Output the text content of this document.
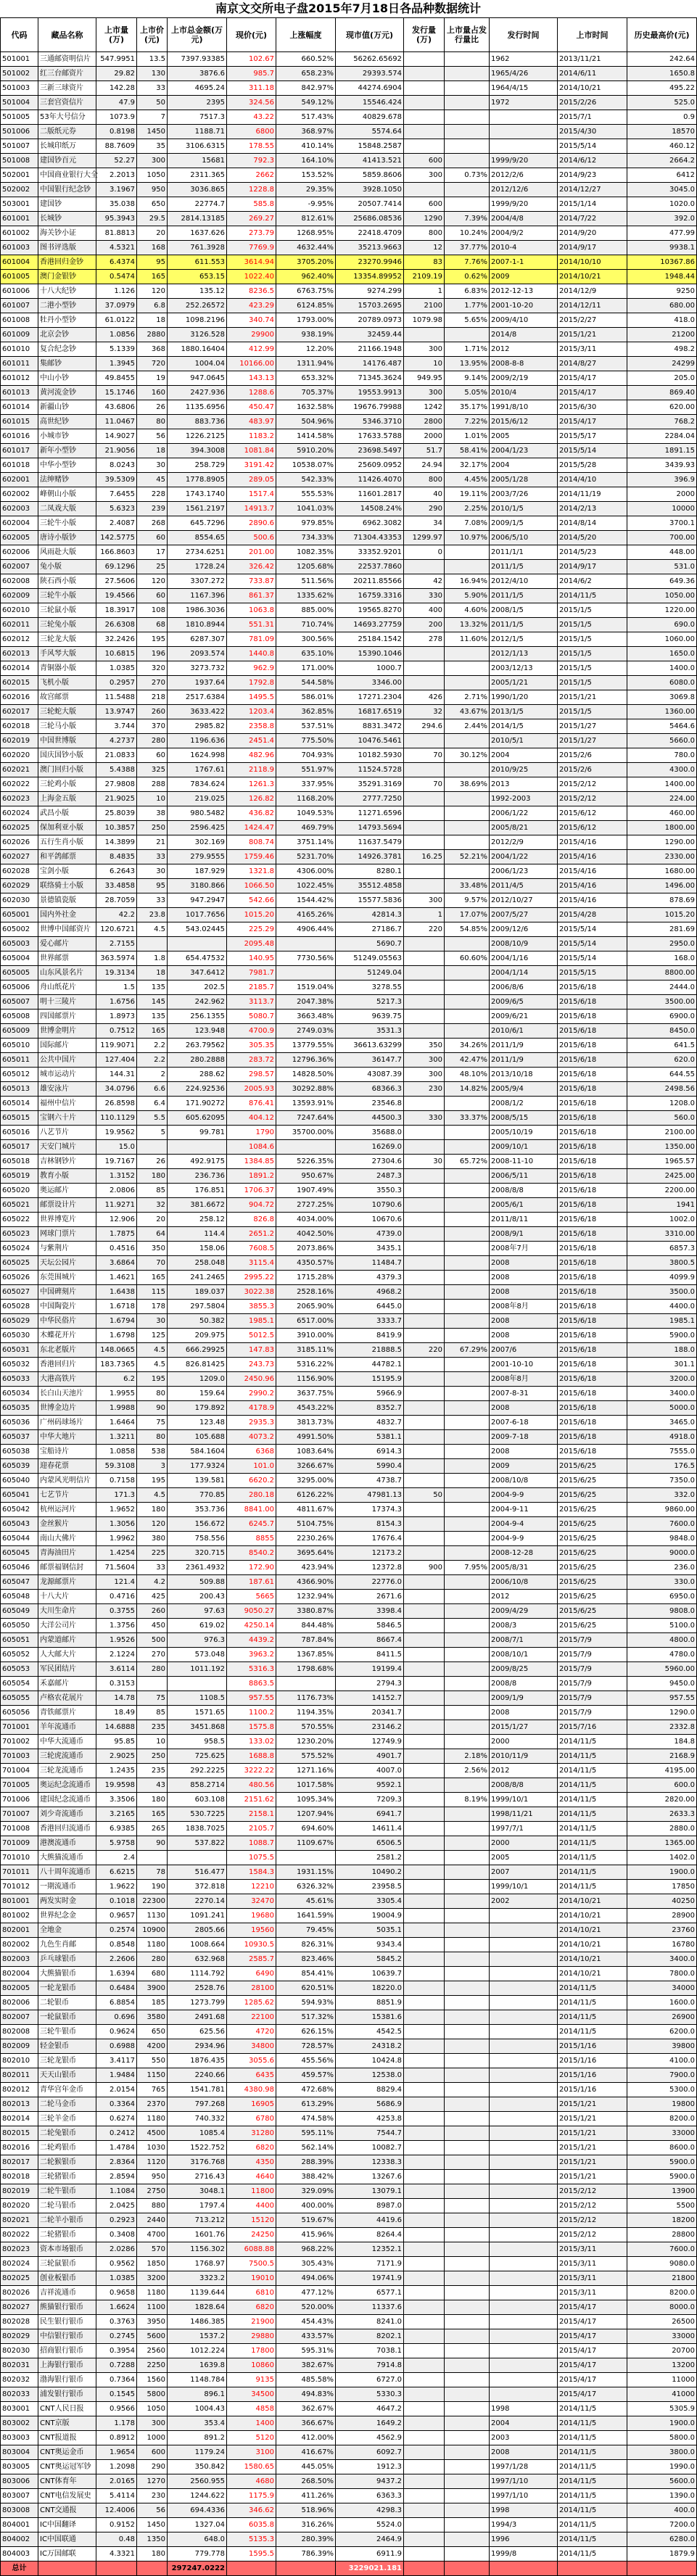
南京文交所电子盘2015年7月18日各品种数据统计
代码	藏品名称	上市量(万)	上市价(元)	上市总金额(万元)	现价(元)	上涨幅度	现市值(万元)	发行量(万)	上市量占发行量比	发行时间	上市时间	历史最高价(元)
501001	三通邮资明信片	547.9951	13.5	7397.93385	102.67	660.52%	56262.65692			1962	2013/11/21	242.64
501002	红三台邮资片	29.82	130	3876.6	985.7	658.23%	29393.574			1965/4/26	2014/6/11	1650.8
501003	三新三球资片	142.28	33	4695.24	311.18	842.97%	44274.6904			1964/4/15	2014/10/21	495.22
501004	三套宫资信片	47.9	50	2395	324.56	549.12%	15546.424			1972	2015/2/26	525.0
501005	53年大号信分	1073.9	7	7517.3	43.22	517.43%	40829.678				2015/7/1	0.9
501006	二版纸元券	0.8198	1450	1188.71	6800	368.97%	5574.64				2015/4/30	18570
501007	长城印纸万	88.7609	35	3106.6315	178.55	410.14%	15848.2587				2015/5/14	460.12
501008	建国钞百元	52.27	300	15681	792.3	164.10%	41413.521	600		1999/9/20	2014/6/12	2664.2
502001	中国商业银行大全	2.2013	1050	2311.365	2662	153.52%	5859.8606	300	0.73%	2012/2/6	2014/9/23	6412
502002	中国银行纪念钞	3.1967	950	3036.865	1228.8	29.35%	3928.1050			2012/12/6	2014/12/27	3045.0
503001	建国钞	35.038	650	22774.7	585.8	-9.95%	20507.7414	600		1999/9/20	2015/1/14	1020.0
601001	长城钞	95.3943	29.5	2814.13185	269.27	812.61%	25686.08536	1290	7.39%	2004/4/8	2014/7/22	392.0
601002	海关钞小证	81.8813	20	1637.626	273.79	1268.95%	22418.4709	800	10.24%	2004/9/2	2014/9/20	477.99
601003	图书评选版	4.5321	168	761.3928	7769.9	4632.44%	35213.9663	12	37.77%	2010-4	2014/9/17	9938.1
601004	香港回归金钞	6.4374	95	611.553	3614.94	3705.20%	23270.9946	83	7.76%	2007-1-1	2014/10/10	10367.86
601005	澳门金银钞	0.5474	165	653.15	1022.40	962.40%	13354.89952	2109.19	0.62%	2009	2014/10/21	1948.44
601006	十八大纪钞	1.126	120	135.12	8236.5	6763.75%	9274.299	1	6.83%	2012-12-13	2014/12/9	9250
601007	二港小型钞	37.0979	6.8	252.26572	423.29	6124.85%	15703.2695	2100	1.77%	2001-10-20	2014/12/11	680.00
601008	牡丹小型钞	61.0122	18	1098.2196	340.74	1793.00%	20789.0973	1079.98	5.65%	2009/4/10	2015/2/27	418.0
601009	北京会钞	1.0856	2880	3126.528	29900	938.19%	32459.44			2014/8	2015/1/21	21200
601010	复合纪念钞	5.1339	368	1880.16404	412.99	12.20%	21166.1948	300	1.71%	2012	2015/3/11	498.2
601011	集邮钞	1.3945	720	1004.04	10166.00	1311.94%	14176.487	10	13.95%	2008-8-8	2014/8/27	24299
601012	中山小钞	49.8455	19	947.0645	143.13	653.32%	71345.3624	949.95	9.14%	2009/2/19	2015/4/17	205.0
601013	黄河流金钞	15.1746	160	2427.936	1288.6	705.37%	19553.9913	300	5.05%	2010/4	2015/4/17	869.40
601014	新疆山钞	43.6806	26	1135.6956	450.47	1632.58%	19676.79988	1242	35.17%	1991/8/10	2015/6/30	620.00
601015	高世纪钞	11.0467	80	883.736	483.97	504.96%	5346.3710	2800	7.22%	2015/6/12	2015/4/17	768.2
601016	小城市钞	14.9027	56	1226.2125	1183.2	1414.58%	17633.5788	2000	1.01%	2005	2015/5/17	2284.04
601017	新年小型钞	21.9056	18	394.3008	1081.84	5910.20%	23698.5497	51.7	58.41%	2004/1/23	2015/5/14	1891.15
601018	中华小型钞	8.0243	30	258.729	3191.42	10538.07%	25609.0952	24.94	32.17%	2004	2015/5/28	3439.93
602001	法绅赌钞	39.5309	45	1778.8905	289.05	542.33%	11426.4070	800	4.45%	2005/1/28	2014/4/10	396.9
602002	峰朝山小版	7.6455	228	1743.1740	1517.4	555.53%	11601.2817	40	19.11%	2003/7/26	2014/11/19	2000
602003	二凤戏大版	5.6323	239	1561.2197	14913.7	1041.03%	14508.24%	290	2.25%	2010/1/5	2014/2/13	10000
602004	三轮牛小版	2.4087	268	645.7296	2890.6	979.85%	6962.3082	34	7.08%	2009/1/5	2014/8/14	3700.1
602005	唐诗小版钞	142.5775	60	8554.65	500.6	734.33%	71304.43353	1299.97	10.97%	2006/5/10	2014/5/20	700.00
602006	风雨赴大版	166.8603	17	2734.6251	201.00	1082.35%	33352.9201	0		2011/1/1	2014/5/23	448.00
602007	兔小版	69.1296	25	1728.24	326.42	1205.68%	22537.7860			2011/1/5	2014/9/17	531.0
602008	陕石西小版	27.5606	120	3307.272	733.87	511.56%	20211.85566	42	16.94%	2012/4/10	2014/6/2	649.36
602009	三轮牛小版	19.4566	60	1167.396	861.37	1335.62%	16759.3316	330	5.90%	2011/1/5	2014/11/5	1050.00
602010	三轮鼠小版	18.3917	108	1986.3036	1063.8	885.00%	19565.8270	400	4.60%	2008/1/5	2015/1/5	1220.00
602011	三轮兔小版	26.6308	68	1810.8944	551.31	710.74%	14693.27759	200	13.32%	2011/1/5	2015/1/5	690.0
602012	三轮龙大版	32.2426	195	6287.307	781.09	300.56%	25184.1542	278	11.60%	2012/1/5	2015/1/5	1060.00
602013	手风琴大版	10.6815	196	2093.574	1440.8	635.10%	15390.1046			2012/1/13	2015/1/5	1650.0
602014	青铜器小版	1.0385	320	3273.732	962.9	171.00%	1000.7			2003/12/13	2015/1/5	1400.0
602015	飞机小版	0.2957	270	1937.64	1792.8	544.58%	3346.00			2005/1/21	2015/1/5	6080.0
602016	故宫邮票	11.5488	218	2517.6384	1495.5	586.01%	17271.2304	426	2.71%	1990/1/20	2015/1/21	3069.8
602017	三轮蛇大版	13.9747	260	3633.422	1203.4	362.85%	16817.6519	32	43.67%	2013/1/5	2015/1/5	1360.00
602018	三轮马小版	3.744	370	2985.82	2358.8	537.51%	8831.3472	294.6	2.44%	2014/1/5	2015/1/27	5464.6
602019	中国世博版	4.2737	280	1196.636	2451.4	775.50%	10476.5461			2010/5/1	2015/1/27	5660.0
602020	国庆国钞小版	21.0833	60	1624.998	482.96	704.93%	10182.5930	70	30.12%	2004	2015/2/6	780.0
602021	澳门回归小版	5.4388	325	1767.61	2118.9	551.97%	11524.5728			2010/9/25	2015/2/6	4300.0
602022	三轮鸡小版	27.9808	288	7834.624	1261.3	337.95%	35291.3169	70	38.69%	2013	2015/2/12	1400.00
602023	上海金五版	21.9025	10	219.025	126.82	1168.20%	2777.7250			1992-2003	2015/2/12	224.00
602024	武昌小版	25.8039	38	980.5482	436.82	1049.53%	11271.6596			2006/1/22	2015/6/12	460.00
602025	保加利亚小版	10.3857	250	2596.425	1424.47	469.79%	14793.5694			2005/8/21	2015/6/12	1800.00
602026	五行生肖小版	14.3899	21	302.169	808.74	3751.14%	11637.5479			2012/2/9	2015/4/16	1290.00
602027	和平鸽邮票	8.4835	33	279.9555	1759.46	5231.70%	14926.3781	16.25	52.21%	2004/1/22	2015/4/16	2330.00
602028	宝剑小版	6.2643	30	187.929	1321.8	4306.00%	8280.1			2006/1/23	2015/4/16	1680.00
602029	联络骑士小版	33.4858	95	3180.866	1066.50	1022.45%	35512.4858		33.48%	2011/4/5	2015/4/16	1496.00
602030	景德镇瓷版	28.7059	33	947.2947	542.66	1544.42%	15577.5836	300	9.57%	2012/10/27	2015/4/16	878.69
605001	国内外社金	42.2	23.8	1017.7656	1015.20	4165.26%	42814.3	1	17.07%	2007/5/27	2015/4/28	1015.20
605002	世博中国邮资片	120.6721	4.5	543.02445	225.29	4906.44%	27186.7	220	54.85%	2009/12/6	2015/5/14	281.69
605003	爱心邮片	2.7155			2095.48		5690.7			2008/10/9	2015/5/14	2950.0
605004	世界邮票	363.5974	1.8	654.47532	140.95	7730.56%	51249.05563		60.60%	2004/1/16	2015/5/14	168.0
605005	山东风景名片	19.3134	18	347.6412	7981.7		51249.04			2004/1/14	2015/5/15	8800.00
605006	舟山纸花片	1.5	135	202.5	2185.7	1519.04%	3278.55			2006/8/6	2015/6/18	2444.0
605007	明十三陵片	1.6756	145	242.962	3113.7	2047.38%	5217.3			2009/6/5	2015/6/18	3500.00
605008	四国邮票片	1.8973	135	256.1355	5080.7	3663.48%	9639.75			2009/6/21	2015/6/18	6900.0
605009	世博金明片	0.7512	165	123.948	4700.9	2749.03%	3531.3			2010/6/1	2015/6/18	8450.0
605010	国际邮片	119.9071	2.2	263.79562	305.35	13779.55%	36613.63299	350	34.26%	2011/1/9	2015/6/18	641.5
605011	公共中国片	127.404	2.2	280.2888	283.72	12796.36%	36147.7	300	42.47%	2011/1/9	2015/6/18	620.0
605012	城市运动片	144.31	2	288.62	298.57	14828.50%	43087.39	300	48.10%	2013/10/18	2015/6/18	644.55
605013	雄安泳片	34.0796	6.6	224.92536	2005.93	30292.88%	68366.3	230	14.82%	2005/9/4	2015/6/18	2498.56
605014	福州中信片	26.8598	6.4	171.90272	876.41	13593.91%	23546.8			2008/1/2	2015/6/18	1208.0
605015	宝钢六十片	110.1129	5.5	605.62095	404.12	7247.64%	44500.3	330	33.37%	2008/5/15	2015/6/18	560.0
605016	八艺节片	19.9562	5	99.781	1790	35700.00%	35688.0			2005/10/19	2015/6/18	2100.00
605017	天安门城片	15.0			1084.6		16269.0			2009/10/1	2015/6/18	1350.00
605018	吉林钢钞片	19.7167	26	492.9175	1384.85	5226.35%	27304.6	30	65.72%	2008-11-10	2015/6/18	1965.57
605019	教育小版	1.3152	180	236.736	1891.2	950.67%	2487.3			2006/5/11	2015/6/18	2425.00
605020	奥运邮片	2.0806	85	176.851	1706.37	1907.49%	3550.3			2008/8/8	2015/6/18	2200.00
605021	邮票设计片	11.9271	32	381.6672	904.72	2727.25%	10790.6			2005/6/1	2015/6/18	1941
605022	世界博览片	12.906	20	258.12	826.8	4034.00%	10670.6			2011/8/11	2015/6/18	1002.0
605023	网球门票片	1.7875	64	114.4	2651.2	4042.50%	4739.0			2008/9/1	2015/6/18	3310.00
605024	与紫荆片	0.4516	350	158.06	7608.5	2073.86%	3435.1			2008年7月	2015/6/18	6857.3
605025	天坛公园片	3.6864	70	258.048	3115.4	4350.57%	11484.7			2008	2015/6/18	3800.5
605026	东莞围城片	1.4621	165	241.2465	2995.22	1715.28%	4379.3			2008	2015/6/18	4099.9
605027	中国碑刻片	1.6438	115	189.037	3022.38	2528.16%	4968.2			2008	2015/6/18	3500.0
605028	中国陶瓷片	1.6718	178	297.5804	3855.3	2065.90%	6445.0			2008年8月	2015/6/18	4400.0
605029	中华民俗片	1.6794	30	50.382	1985.1	6517.00%	3333.7			2008	2015/6/18	1985.1
605030	木蝶花开片	1.6798	125	209.975	5012.5	3910.00%	8419.9			2008	2015/6/18	5900.0
605031	东北老版片	148.0665	4.5	666.29925	147.83	3185.11%	21888.5	220	67.29%	2007/6	2015/6/18	188.0
605032	香港回归片	183.7365	4.5	826.81425	243.73	5316.22%	44782.1			2001-10-10	2015/6/18	301.1
605033	大港高铁片	6.2	195	1209.0	2450.96	1156.90%	15195.9			2008年8月	2015/6/18	3200.0
605034	长白山天池片	1.9955	80	159.64	2990.2	3637.75%	5966.9			2007-8-31	2015/6/18	3400.0
605035	世博金边片	1.9988	90	179.892	4178.9	4543.22%	8352.7			2008	2015/6/18	5000.0
605036	广州码球场片	1.6464	75	123.48	2935.3	3813.73%	4832.7			2007-6-18	2015/6/18	3465.0
605037	中华大地片	1.3211	80	105.688	4073.2	4991.50%	5381.1			2009-7-18	2015/6/18	4918.0
605038	宝船诗片	1.0858	538	584.1604	6368	1083.64%	6914.3			2008	2015/6/18	7555.0
605039	迎春花票	59.3108	3	177.9324	101.0	3266.67%	5990.4			2009	2015/6/25	176.5
605040	内蒙风光明信片	0.7158	195	139.581	6620.2	3295.00%	4738.7			2008/10/8	2015/6/25	7350.0
605041	七艺节片	171.3	4.5	770.85	280.18	6126.22%	47981.13	50		2004-9-9	2015/6/25	332.0
605042	杭州运河片	1.9652	180	353.736	8841.00	4811.67%	17374.3			2004-9-11	2015/6/25	9860.00
605043	金丝猴片	1.3056	120	156.672	6245.7	5104.75%	8154.3			2004-9-4	2015/6/25	7600.0
605044	南山大佛片	1.9962	380	758.556	8855	2230.26%	17676.4			2004-9-9	2015/6/25	9848.0
605045	青海油田片	1.4254	225	320.715	8540.2	3695.64%	12173.2			2008-12-28	2015/6/25	9000.0
605046	邮票福钢信封	71.5604	33	2361.4932	172.90	423.94%	12372.8	900	7.95%	2005/8/31	2015/6/25	236.0
605047	龙源邮票片	121.4	4.2	509.88	187.61	4366.90%	22776.0			2006/10/8	2015/6/25	330.0
605048	十八大片	0.4716	425	200.43	5665	1232.94%	2671.6			2012	2015/6/25	6950.0
605049	大川生命片	0.3755	260	97.63	9050.27	3380.87%	3398.4			2009/4/29	2015/6/25	9808.0
605050	大洋公司片	1.3756	450	619.02	4250.14	844.48%	5846.5			2008/3	2015/6/25	5100.0
605051	内蒙道邮片	1.9526	500	976.3	4439.2	787.84%	8667.4			2008/7/1	2015/7/9	4800.0
605052	人大邮大片	2.1224	270	573.048	3963.2	1367.85%	8411.5			2008/10/1	2015/7/9	4780.0
605053	军民团结片	3.6114	280	1011.192	5316.3	1798.68%	19199.4			2009/8/25	2015/7/9	5960.00
605054	禾嘉邮片	0.3153			8863.5		2794.3			2008/8	2015/7/9	9450.0
605055	卢格农花展片	14.78	75	1108.5	957.55	1176.73%	14152.7			2009/1/9	2015/7/9	957.55
605056	青铁邮票片	18.49	85	1571.65	1100.2	1194.35%	20341.7			2008	2015/7/9	1290.0
701001	羊年流通币	14.6888	235	3451.868	1575.8	570.55%	23146.2			2015/1/27	2015/7/16	2332.8
701002	中华大流通币	95.85	10	958.5	133.02	1230.20%	12749.9			2000	2014/11/5	184.8
701003	三轮虎流通币	2.9025	250	725.625	1688.8	575.52%	4901.7		2.18%	2010/11/9	2014/11/5	2168.9
701004	三轮龙流通币	1.2435	235	292.2225	3222.22	1271.16%	4007.0		2.56%	2012	2014/11/5	4195.00
701005	奥运纪念流通币	19.9598	43	858.2714	480.56	1017.58%	9592.1			2008/8/8	2014/11/5	600.0
701006	建国纪念流通币	3.3506	180	603.108	2151.62	1095.34%	7209.3		8.19%	1999/10/1	2014/11/5	2820.00
701007	刘少奇流通币	3.2165	165	530.7225	2158.1	1207.94%	6941.7			1998/11/21	2014/11/5	2633.3
701008	香港回归流通币	6.9385	265	1838.7025	2105.7	694.60%	14611.4			1997/7/1	2014/11/5	2880.0
701009	港澳流通币	5.9758	90	537.822	1088.7	1109.67%	6506.5			2000	2014/11/5	1365.00
701010	大熊猫流通币	2.4			1075.5		2581.2			2005	2014/11/5	1402.0
701011	八十周年流通币	6.6215	78	516.477	1584.3	1931.15%	10490.2			2007	2014/11/5	1900.0
701012	一期流通币	1.9622	190	372.818	12210	6326.32%	23958.5			1999/10/1	2014/11/5	17850
801001	两发实时金	0.1018	22300	2270.14	32470	45.61%	3305.4			2002	2014/10/21	40250
801002	世界纪念金	0.9657	1130	1091.241	19680	1641.59%	19004.9				2014/10/21	28900
802001	全地金	0.2574	10900	2805.66	19560	79.45%	5035.1				2014/10/21	23760
802002	九色生肖邮	0.8548	1180	1008.664	10930.5	826.31%	9343.4				2014/10/21	16780
802003	乒乓球银币	2.2606	280	632.968	2585.7	823.46%	5845.2				2014/10/21	3400.0
802004	大熊猫银币	1.6394	680	1114.792	6490	854.41%	10639.7				2014/10/21	7800.0
802005	一轮龙银币	0.6484	3900	2528.76	28100	620.51%	18220.0				2014/11/5	34000
802006	二轮银币	6.8854	185	1273.799	1285.62	594.93%	8851.9				2014/11/5	1600.0
802007	一轮鼠银币	0.696	3580	2491.68	22100	517.32%	15381.6				2014/11/5	26900
802008	三轮牛银币	0.9624	650	625.56	4720	626.15%	4542.5				2014/11/5	6200.0
802009	轻金银币	0.6988	4200	2934.96	34800	728.57%	24318.2				2015/1/16	39800
802010	三轮龙银币	3.4117	550	1876.435	3055.6	455.56%	10424.8				2015/1/16	4100.0
802011	天天山银币	1.9484	1150	2240.66	6435	459.57%	12538.0				2015/1/16	7900.0
802012	青华宫年金币	2.0154	765	1541.781	4380.98	472.68%	8829.4				2015/1/16	5300.0
802013	二轮马金币	0.3364	2370	797.268	16905	613.29%	5686.9				2015/1/21	19800
802014	三轮羊金币	0.6274	1180	740.332	6780	474.58%	4253.8				2015/1/21	8200.0
802015	二轮兔银币	0.2412	4500	1085.4	31280	595.11%	7544.7				2015/1/21	33000
802016	二轮鸡银币	1.4784	1030	1522.752	6820	562.14%	10082.7				2015/1/21	8600.0
802017	二轮猴银币	2.8364	1120	3176.768	4350	288.39%	12338.3				2015/1/21	5900.0
802018	三轮猪银币	2.8594	950	2716.43	4640	388.42%	13267.6				2015/1/21	5900.0
802019	二轮牛银币	1.1084	2750	3048.1	11800	329.09%	13079.1				2015/2/12	13900
802020	二轮马银币	2.0425	880	1797.4	4400	400.00%	8987.0				2015/2/12	5500
802021	二轮羊小银币	0.2923	2440	713.212	15120	519.67%	4419.6				2015/2/12	18200
802022	二轮猪银币	0.3408	4700	1601.76	24250	415.96%	8264.4				2015/2/12	28800
802023	资本市场银币	2.0286	570	1156.302	6088.88	968.22%	12352.1				2015/3/11	7600.0
802024	三轮鼠银币	0.9562	1850	1768.97	7500.5	305.43%	7171.9				2015/3/11	9080.0
802025	创业板银币	1.0385	3200	3323.2	19010	494.06%	19741.9				2015/3/11	21800
802026	吉祥流通币	0.9658	1180	1139.644	6810	477.12%	6577.1				2015/3/11	8200.0
802027	熊猫银行银币	1.6624	1100	1828.64	6820	520.00%	11337.6				2015/4/17	8000.0
802028	民生银行银币	0.3763	3950	1486.385	21900	454.43%	8241.0				2015/4/17	26500
802029	中信银行银币	0.2745	5600	1537.2	29880	433.57%	8202.1				2015/4/17	33000
802030	招商银行银币	0.3954	2560	1012.224	17800	595.31%	7038.1				2015/4/17	20700
802031	上海银行银币	0.7288	2250	1639.8	10860	382.67%	7914.8				2015/4/17	13200
802032	渤海银行银币	0.7364	1560	1148.784	9135	485.58%	6727.0				2015/4/17	11000
802033	浦发银行银币	0.1545	5800	896.1	34500	494.83%	5330.3				2015/4/17	41000
803001	CNT人民日报	0.9566	1050	1004.43	4858	362.67%	4647.2			1998	2014/11/5	5305.9
803002	CNT京版	1.178	300	353.4	1400	366.67%	1649.2			2004	2014/11/5	1900.0
803003	CNT报道报	0.8912	1000	891.2	5120	412.00%	4562.9			2003	2014/11/5	5800.0
803004	CNT奥运金币	1.9654	600	1179.24	3100	416.67%	6092.7			2008	2014/11/5	3800.0
803005	CNT奥运冠军钞	1.2098	290	350.842	1580.65	445.05%	1912.3			1997/1/28	2014/11/5	1990.0
803006	CNT体育年	2.0165	1270	2560.955	4680	268.50%	9437.2			1997/1/10	2014/11/5	5600.0
803007	CNT电信发展史	5.4114	230	1244.622	1175.9	411.26%	6363.3			1997/1/10	2014/11/5	1390.0
803008	CNT交通报	12.4006	56	694.4336	346.62	518.96%	4298.3			1998	2014/11/5	400.0
804001	IC中国翻译	0.9152	1450	1327.04	6035.8	316.26%	5524.0			1994/3	2014/11/5	7200.0
804002	IC中国联通	0.48	1350	648.0	5135.3	280.39%	2464.9			1996	2014/11/5	6280.0
804003	IC万国邮联	4.3321	180	779.778	1595.5	786.39%	6911.9			1999/8	2014/11/5	1879.9
总计				297247.0222			3229021.181					
